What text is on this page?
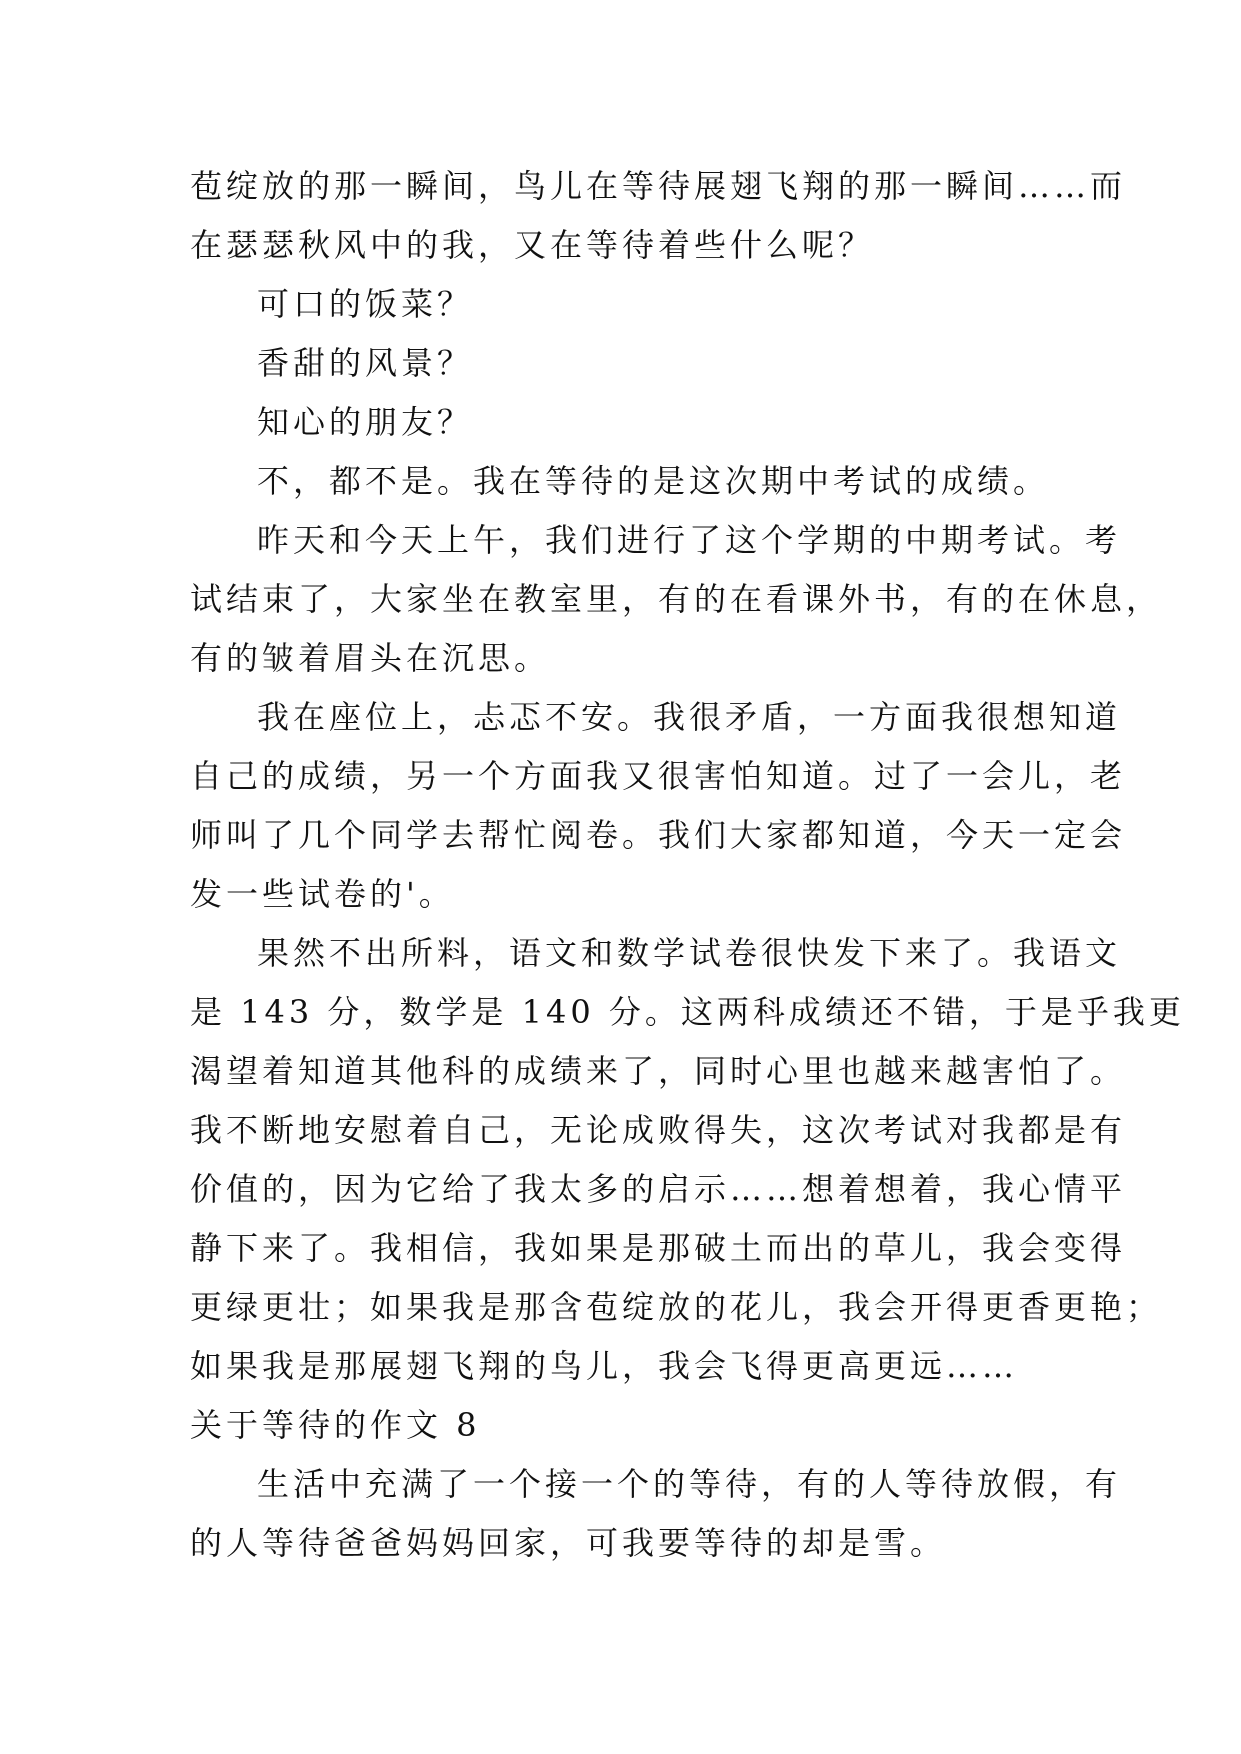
苞绽放的那一瞬间，鸟儿在等待展翅飞翔的那一瞬间……而
在瑟瑟秋风中的我，又在等待着些什么呢？
可口的饭菜？
香甜的风景？
知心的朋友？
不，都不是。我在等待的是这次期中考试的成绩。
昨天和今天上午，我们进行了这个学期的中期考试。考
试结束了，大家坐在教室里，有的在看课外书，有的在休息，
有的皱着眉头在沉思。
我在座位上，忐忑不安。我很矛盾，一方面我很想知道
自己的成绩，另一个方面我又很害怕知道。过了一会儿，老
师叫了几个同学去帮忙阅卷。我们大家都知道，今天一定会
发一些试卷的'。
果然不出所料，语文和数学试卷很快发下来了。我语文
是 143 分，数学是 140 分。这两科成绩还不错，于是乎我更
渴望着知道其他科的成绩来了，同时心里也越来越害怕了。
我不断地安慰着自己，无论成败得失，这次考试对我都是有
价值的，因为它给了我太多的启示……想着想着，我心情平
静下来了。我相信，我如果是那破土而出的草儿，我会变得
更绿更壮；如果我是那含苞绽放的花儿，我会开得更香更艳；
如果我是那展翅飞翔的鸟儿，我会飞得更高更远……
关于等待的作文 8
生活中充满了一个接一个的等待，有的人等待放假，有
的人等待爸爸妈妈回家，可我要等待的却是雪。
